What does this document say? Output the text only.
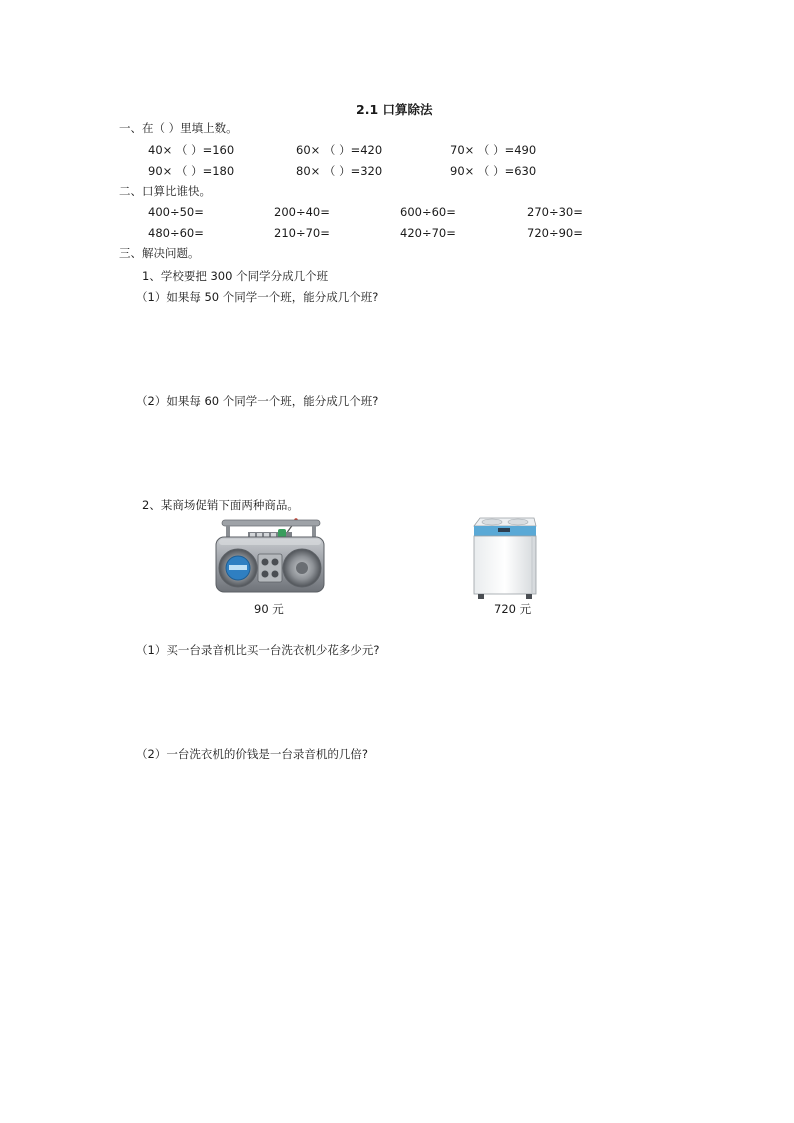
2.1 口算除法
一、在（ ）里填上数。
40× （ ）=160	60× （ ）=420	70× （ ）=490
90× （ ）=180	80× （ ）=320	90× （ ）=630
二、口算比谁快。
400÷50=	200÷40=	600÷60=	270÷30=
480÷60=	210÷70=	420÷70=	720÷90=
三、解决问题。
1、学校要把 300 个同学分成几个班
（1）如果每 50 个同学一个班，能分成几个班?
（2）如果每 60 个同学一个班，能分成几个班?
2、某商场促销下面两种商品。
90 元	720 元
（1）买一台录音机比买一台洗衣机少花多少元?
（2）一台洗衣机的价钱是一台录音机的几倍?
